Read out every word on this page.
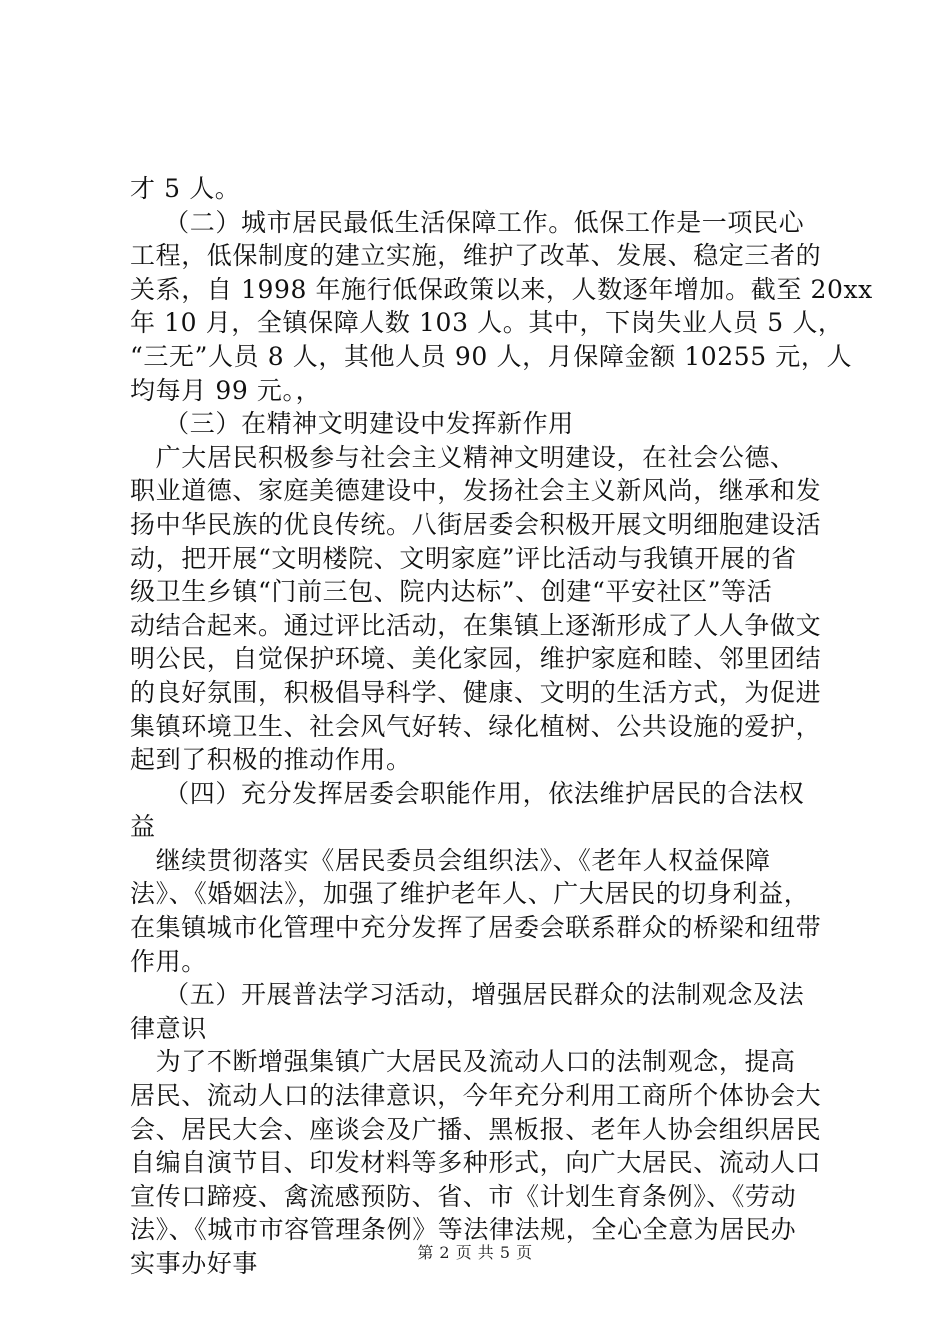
才 5 人。
（二）城市居民最低生活保障工作。低保工作是一项民心
工程，低保制度的建立实施，维护了改革、发展、稳定三者的
关系，自 1998 年施行低保政策以来，人数逐年增加。截至 20xx
年 10 月，全镇保障人数 103 人。其中，下岗失业人员 5 人，
“三无”人员 8 人，其他人员 90 人，月保障金额 10255 元，人
均每月 99 元。，
（三）在精神文明建设中发挥新作用
广大居民积极参与社会主义精神文明建设，在社会公德、
职业道德、家庭美德建设中，发扬社会主义新风尚，继承和发
扬中华民族的优良传统。八街居委会积极开展文明细胞建设活
动，把开展“文明楼院、文明家庭”评比活动与我镇开展的省
级卫生乡镇“门前三包、院内达标”、创建“平安社区”等活
动结合起来。通过评比活动，在集镇上逐渐形成了人人争做文
明公民，自觉保护环境、美化家园，维护家庭和睦、邻里团结
的良好氛围，积极倡导科学、健康、文明的生活方式，为促进
集镇环境卫生、社会风气好转、绿化植树、公共设施的爱护，
起到了积极的推动作用。
（四）充分发挥居委会职能作用，依法维护居民的合法权
益
继续贯彻落实《居民委员会组织法》、《老年人权益保障
法》、《婚姻法》，加强了维护老年人、广大居民的切身利益，
在集镇城市化管理中充分发挥了居委会联系群众的桥梁和纽带
作用。
（五）开展普法学习活动，增强居民群众的法制观念及法
律意识
为了不断增强集镇广大居民及流动人口的法制观念，提高
居民、流动人口的法律意识，今年充分利用工商所个体协会大
会、居民大会、座谈会及广播、黑板报、老年人协会组织居民
自编自演节目、印发材料等多种形式，向广大居民、流动人口
宣传口蹄疫、禽流感预防、省、市《计划生育条例》、《劳动
法》、《城市市容管理条例》等法律法规，全心全意为居民办
实事办好事	第 2 页 共 5 页
